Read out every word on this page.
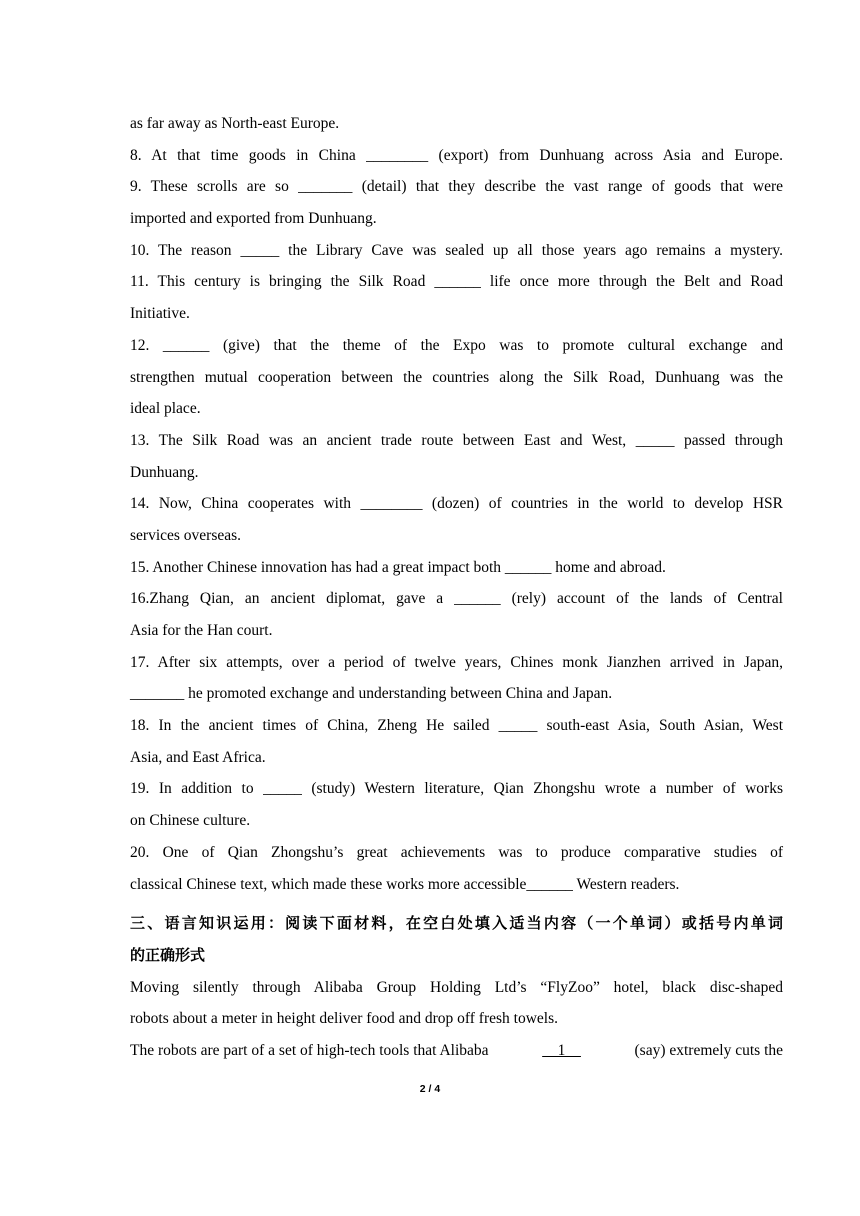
as far away as North-east Europe.
8. At that time goods in China ________ (export) from Dunhuang across Asia and Europe.
9. These scrolls are so _______ (detail) that they describe the vast range of goods that were
imported and exported from Dunhuang.
10. The reason _____ the Library Cave was sealed up all those years ago remains a mystery.
11. This century is bringing the Silk Road ______ life once more through the Belt and Road
Initiative.
12. ______ (give) that the theme of the Expo was to promote cultural exchange and
strengthen mutual cooperation between the countries along the Silk Road, Dunhuang was the
ideal place.
13. The Silk Road was an ancient trade route between East and West, _____ passed through
Dunhuang.
14. Now, China cooperates with ________ (dozen) of countries in the world to develop HSR
services overseas.
15. Another Chinese innovation has had a great impact both ______ home and abroad.
16.Zhang Qian, an ancient diplomat, gave a ______ (rely) account of the lands of Central
Asia for the Han court.
17. After six attempts, over a period of twelve years, Chines monk Jianzhen arrived in Japan,
_______ he promoted exchange and understanding between China and Japan.
18. In the ancient times of China, Zheng He sailed _____ south-east Asia, South Asian, West
Asia, and East Africa.
19. In addition to _____ (study) Western literature, Qian Zhongshu wrote a number of works
on Chinese culture.
20. One of Qian Zhongshu’s great achievements was to produce comparative studies of
classical Chinese text, which made these works more accessible______ Western readers.
三、语言知识运用：阅读下面材料，在空白处填入适当内容（一个单词）或括号内单词
的正确形式
Moving silently through Alibaba Group Holding Ltd’s “FlyZoo” hotel, black disc-shaped
robots about a meter in height deliver food and drop off fresh towels.
The robots are part of a set of high-tech tools that Alibaba	1	(say) extremely cuts the
2 / 4
